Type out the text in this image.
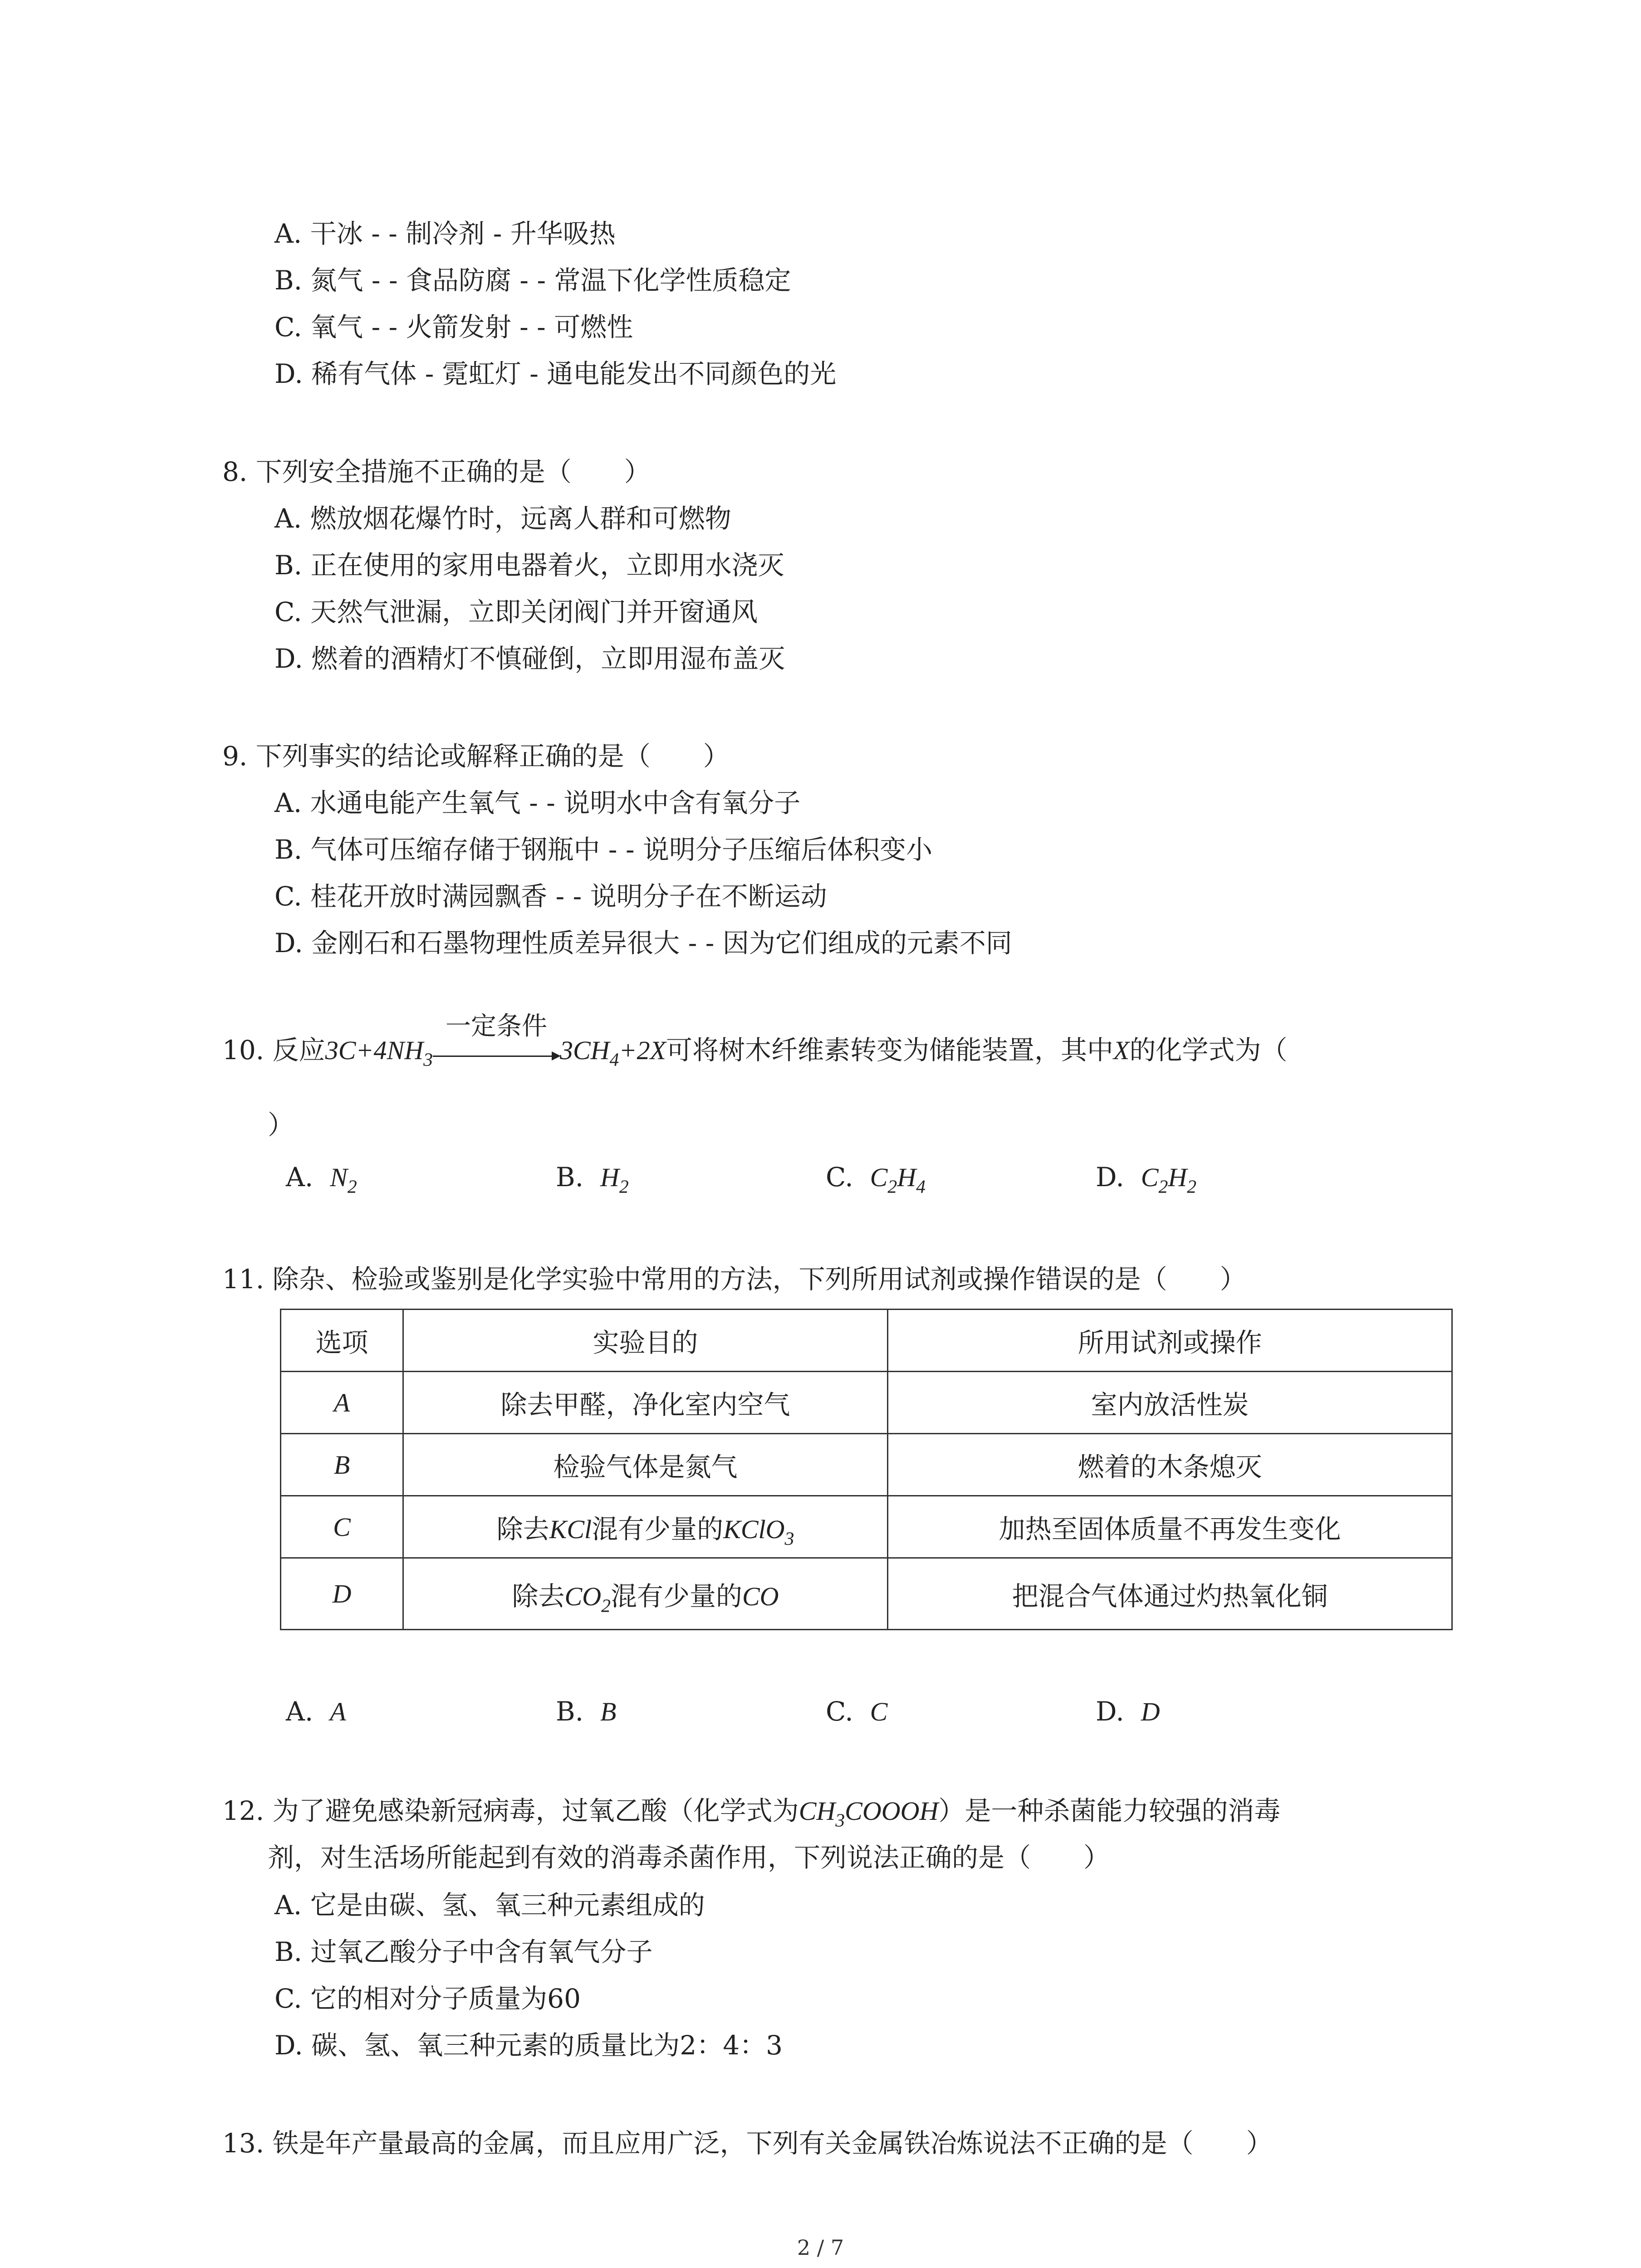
A. 干冰 - - 制冷剂 - 升华吸热
B. 氮气 - - 食品防腐 - - 常温下化学性质稳定
C. 氧气 - - 火箭发射 - - 可燃性
D. 稀有气体 - 霓虹灯 - 通电能发出不同颜色的光
8. 下列安全措施不正确的是（　　）
A. 燃放烟花爆竹时，远离人群和可燃物
B. 正在使用的家用电器着火，立即用水浇灭
C. 天然气泄漏，立即关闭阀门并开窗通风
D. 燃着的酒精灯不慎碰倒，立即用湿布盖灭
9. 下列事实的结论或解释正确的是（　　）
A. 水通电能产生氧气 - - 说明水中含有氧分子
B. 气体可压缩存储于钢瓶中 - - 说明分子压缩后体积变小
C. 桂花开放时满园飘香 - - 说明分子在不断运动
D. 金刚石和石墨物理性质差异很大 - - 因为它们组成的元素不同
10. 反应$3C+4NH_3$
一定条件
$3CH_4+2X$可将树木纤维素转变为储能装置，其中X的化学式为（
）
A. $N_2$	B. $H_2$	C. $C_2H_4$	D. $C_2H_2$
11. 除杂、检验或鉴别是化学实验中常用的方法，下列所用试剂或操作错误的是（　　）
选项	实验目的	所用试剂或操作
A	除去甲醛，净化室内空气	室内放活性炭
B	检验气体是氮气	燃着的木条熄灭
C	除去KCl混有少量的KClO$_3$	加热至固体质量不再发生变化
D	除去$CO_2$混有少量的CO	把混合气体通过灼热氧化铜
A. A	B. B	C. C	D. D
12. 为了避免感染新冠病毒，过氧乙酸（化学式为$CH_3COOOH$）是一种杀菌能力较强的消毒
剂，对生活场所能起到有效的消毒杀菌作用，下列说法正确的是（　　）
A. 它是由碳、氢、氧三种元素组成的
B. 过氧乙酸分子中含有氧气分子
C. 它的相对分子质量为60
D. 碳、氢、氧三种元素的质量比为2：4：3
13. 铁是年产量最高的金属，而且应用广泛，下列有关金属铁冶炼说法不正确的是（　　）
2 / 7
